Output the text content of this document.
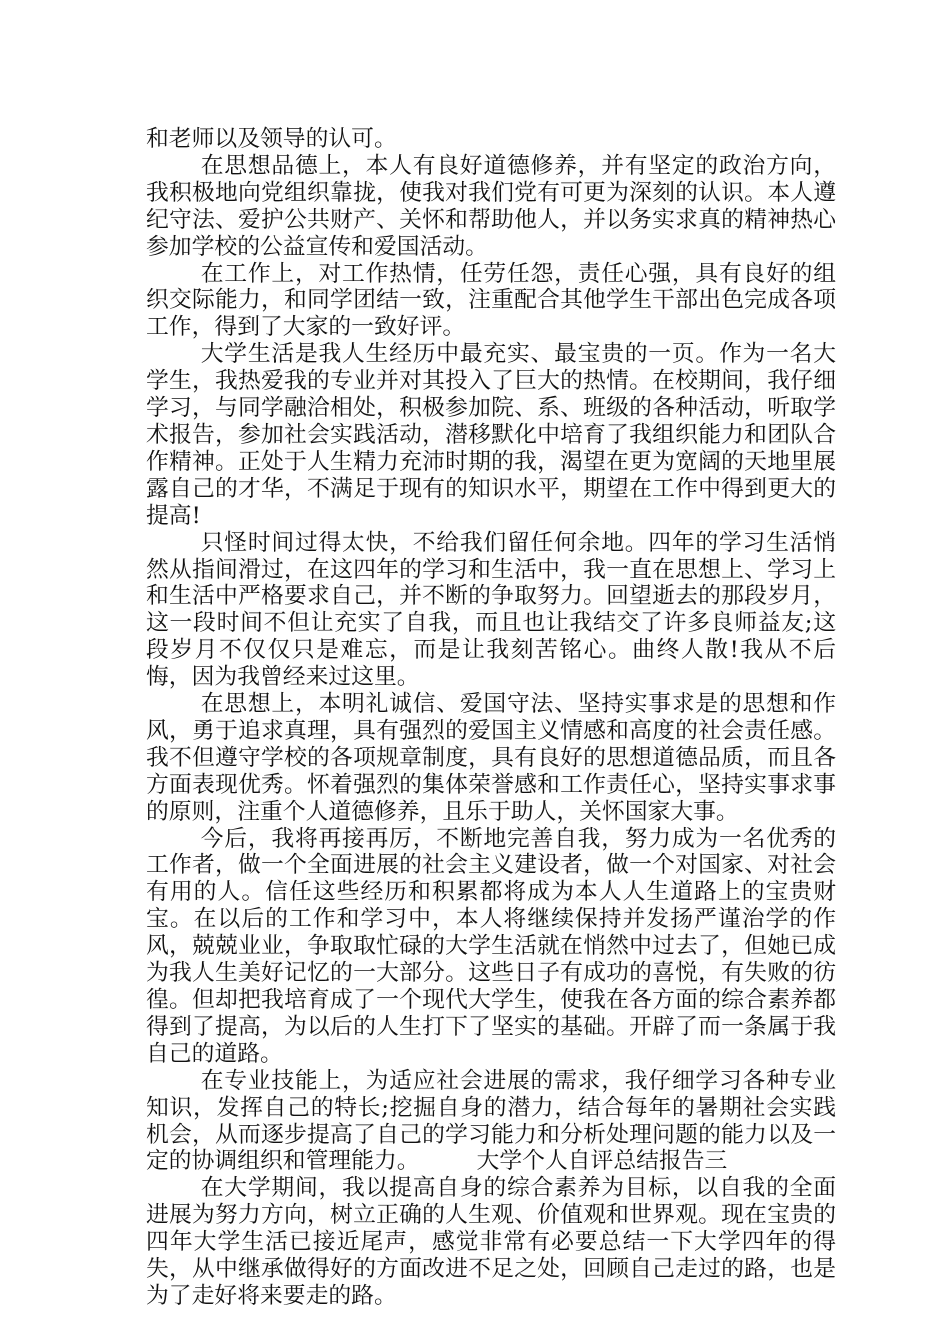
和老师以及领导的认可。

在思想品德上，本人有良好道德修养，并有坚定的政治方向，我积极地向党组织靠拢，使我对我们党有可更为深刻的认识。本人遵纪守法、爱护公共财产、关怀和帮助他人，并以务实求真的精神热心参加学校的公益宣传和爱国活动。

在工作上，对工作热情，任劳任怨，责任心强，具有良好的组织交际能力，和同学团结一致，注重配合其他学生干部出色完成各项工作，得到了大家的一致好评。

大学生活是我人生经历中最充实、最宝贵的一页。作为一名大学生，我热爱我的专业并对其投入了巨大的热情。在校期间，我仔细学习，与同学融洽相处，积极参加院、系、班级的各种活动，听取学术报告，参加社会实践活动，潜移默化中培育了我组织能力和团队合作精神。正处于人生精力充沛时期的我，渴望在更为宽阔的天地里展露自己的才华，不满足于现有的知识水平，期望在工作中得到更大的提高!

只怪时间过得太快，不给我们留任何余地。四年的学习生活悄然从指间滑过，在这四年的学习和生活中，我一直在思想上、学习上和生活中严格要求自己，并不断的争取努力。回望逝去的那段岁月，这一段时间不但让充实了自我，而且也让我结交了许多良师益友;这段岁月不仅仅只是难忘，而是让我刻苦铭心。曲终人散!我从不后悔，因为我曾经来过这里。

在思想上，本明礼诚信、爱国守法、坚持实事求是的思想和作风，勇于追求真理，具有强烈的爱国主义情感和高度的社会责任感。我不但遵守学校的各项规章制度，具有良好的思想道德品质，而且各方面表现优秀。怀着强烈的集体荣誉感和工作责任心，坚持实事求事的原则，注重个人道德修养，且乐于助人，关怀国家大事。

今后，我将再接再厉，不断地完善自我，努力成为一名优秀的工作者，做一个全面进展的社会主义建设者，做一个对国家、对社会有用的人。信任这些经历和积累都将成为本人人生道路上的宝贵财宝。在以后的工作和学习中，本人将继续保持并发扬严谨治学的作风，兢兢业业，争取取忙碌的大学生活就在悄然中过去了，但她已成为我人生美好记忆的一大部分。这些日子有成功的喜悦，有失败的彷徨。但却把我培育成了一个现代大学生，使我在各方面的综合素养都得到了提高，为以后的人生打下了坚实的基础。开辟了而一条属于我自己的道路。

在专业技能上，为适应社会进展的需求，我仔细学习各种专业知识，发挥自己的特长;挖掘自身的潜力，结合每年的暑期社会实践机会，从而逐步提高了自己的学习能力和分析处理问题的能力以及一定的协调组织和管理能力。　　　大学个人自评总结报告三

在大学期间，我以提高自身的综合素养为目标，以自我的全面进展为努力方向，树立正确的人生观、价值观和世界观。现在宝贵的四年大学生活已接近尾声，感觉非常有必要总结一下大学四年的得失，从中继承做得好的方面改进不足之处，回顾自己走过的路，也是为了走好将来要走的路。
